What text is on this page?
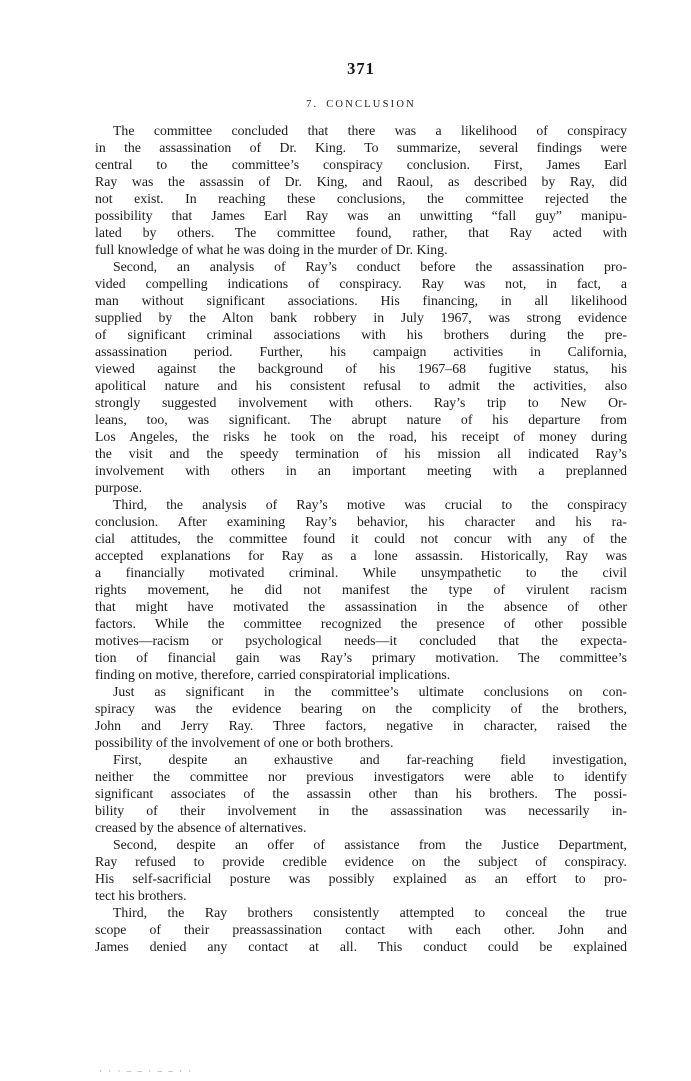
371
7. CONCLUSION
The committee concluded that there was a likelihood of conspiracy
in the assassination of Dr. King. To summarize, several findings were
central to the committee’s conspiracy conclusion. First, James Earl
Ray was the assassin of Dr. King, and Raoul, as described by Ray, did
not exist. In reaching these conclusions, the committee rejected the
possibility that James Earl Ray was an unwitting “fall guy” manipu-
lated by others. The committee found, rather, that Ray acted with
full knowledge of what he was doing in the murder of Dr. King.
Second, an analysis of Ray’s conduct before the assassination pro-
vided compelling indications of conspiracy. Ray was not, in fact, a
man without significant associations. His financing, in all likelihood
supplied by the Alton bank robbery in July 1967, was strong evidence
of significant criminal associations with his brothers during the pre-
assassination period. Further, his campaign activities in California,
viewed against the background of his 1967–68 fugitive status, his
apolitical nature and his consistent refusal to admit the activities, also
strongly suggested involvement with others. Ray’s trip to New Or-
leans, too, was significant. The abrupt nature of his departure from
Los Angeles, the risks he took on the road, his receipt of money during
the visit and the speedy termination of his mission all indicated Ray’s
involvement with others in an important meeting with a preplanned
purpose.
Third, the analysis of Ray’s motive was crucial to the conspiracy
conclusion. After examining Ray’s behavior, his character and his ra-
cial attitudes, the committee found it could not concur with any of the
accepted explanations for Ray as a lone assassin. Historically, Ray was
a financially motivated criminal. While unsympathetic to the civil
rights movement, he did not manifest the type of virulent racism
that might have motivated the assassination in the absence of other
factors. While the committee recognized the presence of other possible
motives—racism or psychological needs—it concluded that the expecta-
tion of financial gain was Ray’s primary motivation. The committee’s
finding on motive, therefore, carried conspiratorial implications.
Just as significant in the committee’s ultimate conclusions on con-
spiracy was the evidence bearing on the complicity of the brothers,
John and Jerry Ray. Three factors, negative in character, raised the
possibility of the involvement of one or both brothers.
First, despite an exhaustive and far-reaching field investigation,
neither the committee nor previous investigators were able to identify
significant associates of the assassin other than his brothers. The possi-
bility of their involvement in the assassination was necessarily in-
creased by the absence of alternatives.
Second, despite an offer of assistance from the Justice Department,
Ray refused to provide credible evidence on the subject of conspiracy.
His self-sacrificial posture was possibly explained as an effort to pro-
tect his brothers.
Third, the Ray brothers consistently attempted to conceal the true
scope of their preassassination contact with each other. John and
James denied any contact at all. This conduct could be explained
· · · – – · – – · ·
